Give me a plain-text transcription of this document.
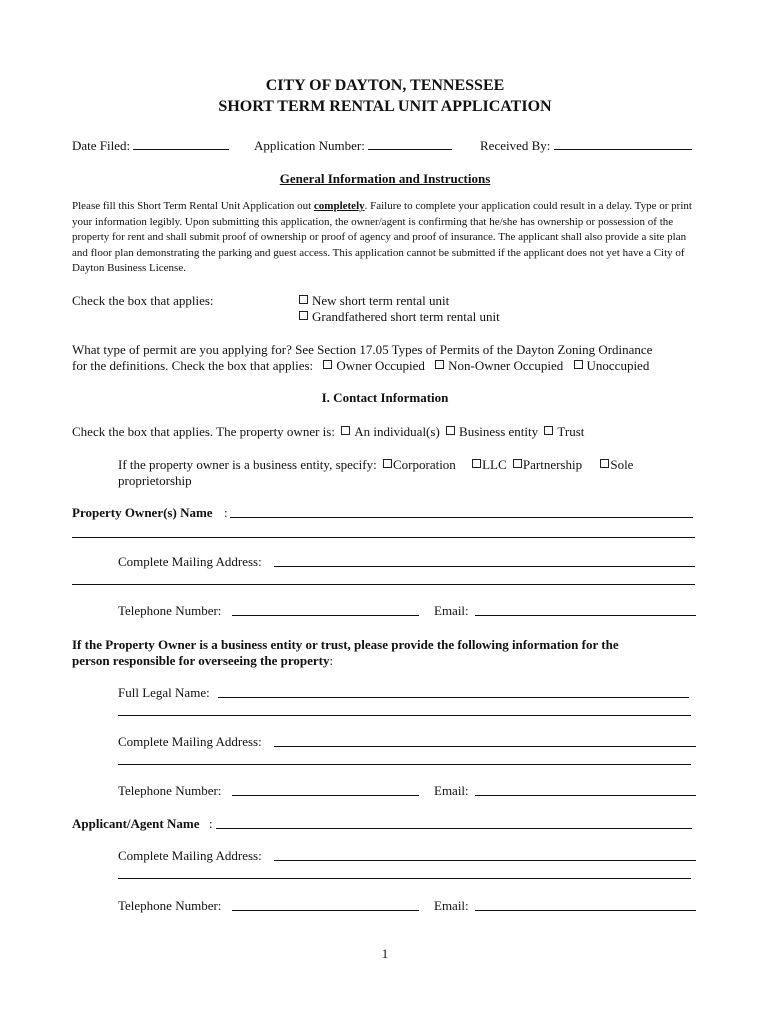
CITY OF DAYTON, TENNESSEE
SHORT TERM RENTAL UNIT APPLICATION
Date Filed:	Application Number:	Received By:
General Information and Instructions
Please fill this Short Term Rental Unit Application out completely. Failure to complete your application could result in a delay. Type or print your information legibly. Upon submitting this application, the owner/agent is confirming that he/she has ownership or possession of the property for rent and shall submit proof of ownership or proof of agency and proof of insurance. The applicant shall also provide a site plan and floor plan demonstrating the parking and guest access. This application cannot be submitted if the applicant does not yet have a City of Dayton Business License.
Check the box that applies:	New short term rental unit
Grandfathered short term rental unit
What type of permit are you applying for? See Section 17.05 Types of Permits of the Dayton Zoning Ordinance
for the definitions. Check the box that applies: Owner Occupied Non-Owner Occupied Unoccupied
I. Contact Information
Check the box that applies. The property owner is: An individual(s) Business entity Trust
If the property owner is a business entity, specify: Corporation LLC Partnership Sole
proprietorship
Property Owner(s) Name :
Complete Mailing Address:
Telephone Number:	Email:
If the Property Owner is a business entity or trust, please provide the following information for the
person responsible for overseeing the property:
Full Legal Name:
Complete Mailing Address:
Telephone Number:	Email:
Applicant/Agent Name :
Complete Mailing Address:
Telephone Number:	Email:
1
